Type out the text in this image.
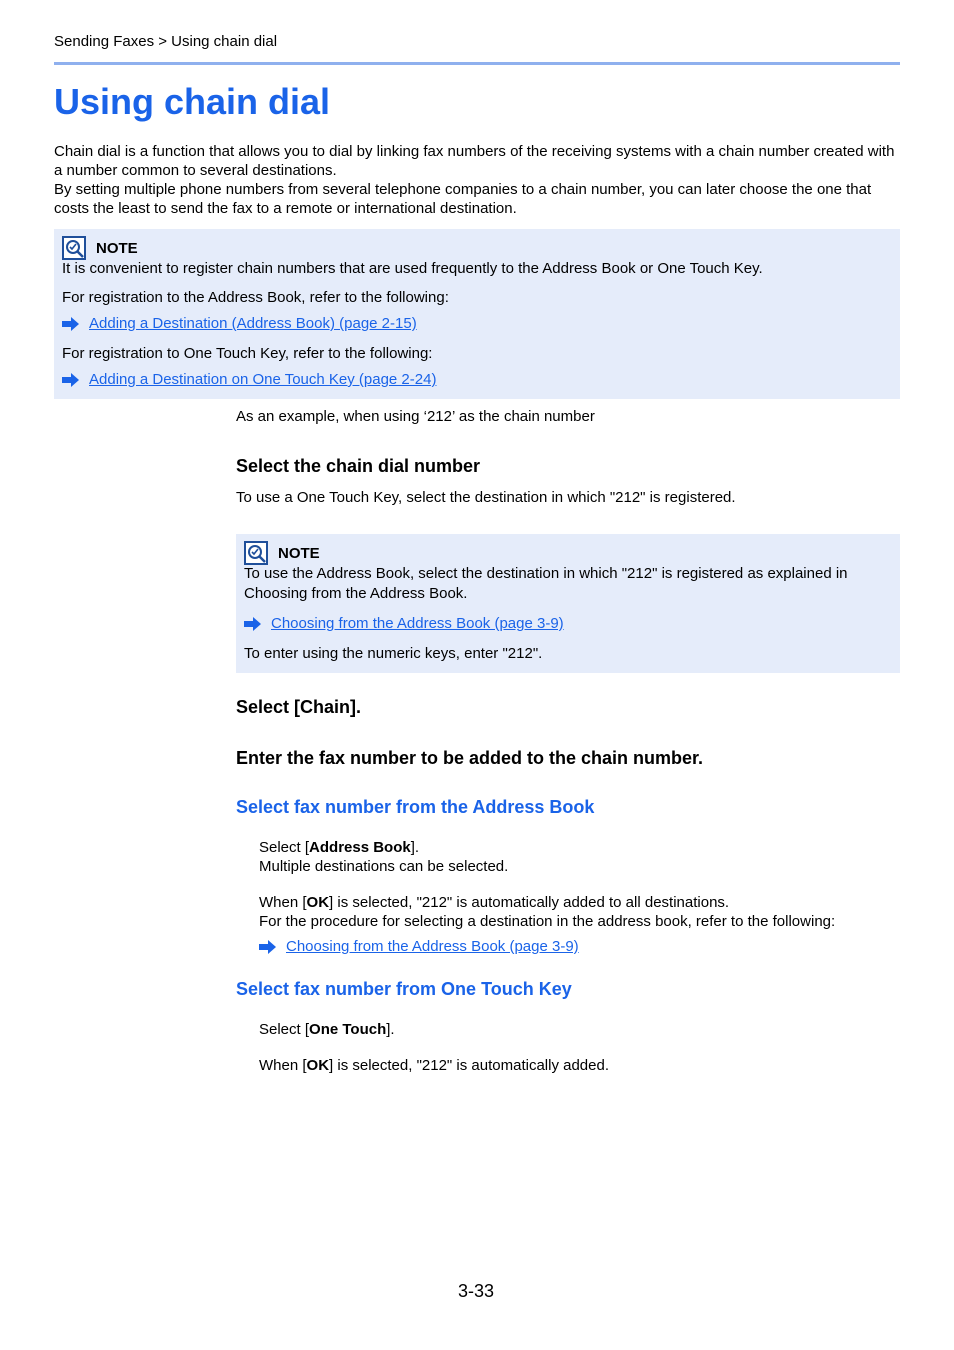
Sending Faxes > Using chain dial
Using chain dial

Chain dial is a function that allows you to dial by linking fax numbers of the receiving systems with a chain number created with a number common to several destinations.

By setting multiple phone numbers from several telephone companies to a chain number, you can later choose the one that costs the least to send the fax to a remote or international destination.

NOTE
It is convenient to register chain numbers that are used frequently to the Address Book or One Touch Key.
For registration to the Address Book, refer to the following:
Adding a Destination (Address Book) (page 2-15)
For registration to One Touch Key, refer to the following:
Adding a Destination on One Touch Key (page 2-24)
As an example, when using ‘212’ as the chain number
Select the chain dial number
To use a One Touch Key, select the destination in which "212" is registered.
NOTE
To use the Address Book, select the destination in which "212" is registered as explained in
Choosing from the Address Book.
Choosing from the Address Book (page 3-9)
To enter using the numeric keys, enter "212".
Select [Chain].
Enter the fax number to be added to the chain number.
Select fax number from the Address Book
Select [Address Book].
Multiple destinations can be selected.
When [OK] is selected, "212" is automatically added to all destinations.
For the procedure for selecting a destination in the address book, refer to the following:
Choosing from the Address Book (page 3-9)
Select fax number from One Touch Key
Select [One Touch].
When [OK] is selected, "212" is automatically added.
3-33
